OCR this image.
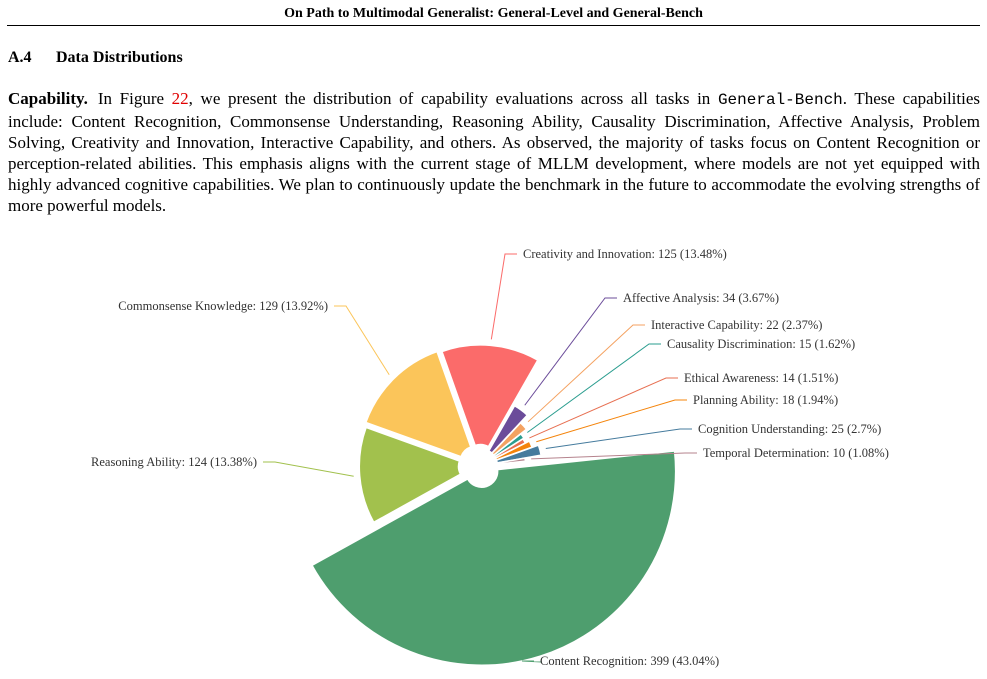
On Path to Multimodal Generalist: General-Level and General-Bench
A.4 Data Distributions
Capability. In Figure 22, we present the distribution of capability evaluations across all tasks in General-Bench. These capabilities include: Content Recognition, Commonsense Understanding, Reasoning Ability, Causality Discrimination, Affective Analysis, Problem Solving, Creativity and Innovation, Interactive Capability, and others. As observed, the majority of tasks focus on Content Recognition or perception-related abilities. This emphasis aligns with the current stage of MLLM development, where models are not yet equipped with highly advanced cognitive capabilities. We plan to continuously update the benchmark in the future to accommodate the evolving strengths of more powerful models.
Content Recognition: 399 (43.04%)
Reasoning Ability: 124 (13.38%)
Commonsense Knowledge: 129 (13.92%)
Creativity and Innovation: 125 (13.48%)
Affective Analysis: 34 (3.67%)
Interactive Capability: 22 (2.37%)
Causality Discrimination: 15 (1.62%)
Ethical Awareness: 14 (1.51%)
Planning Ability: 18 (1.94%)
Cognition Understanding: 25 (2.7%)
Temporal Determination: 10 (1.08%)
